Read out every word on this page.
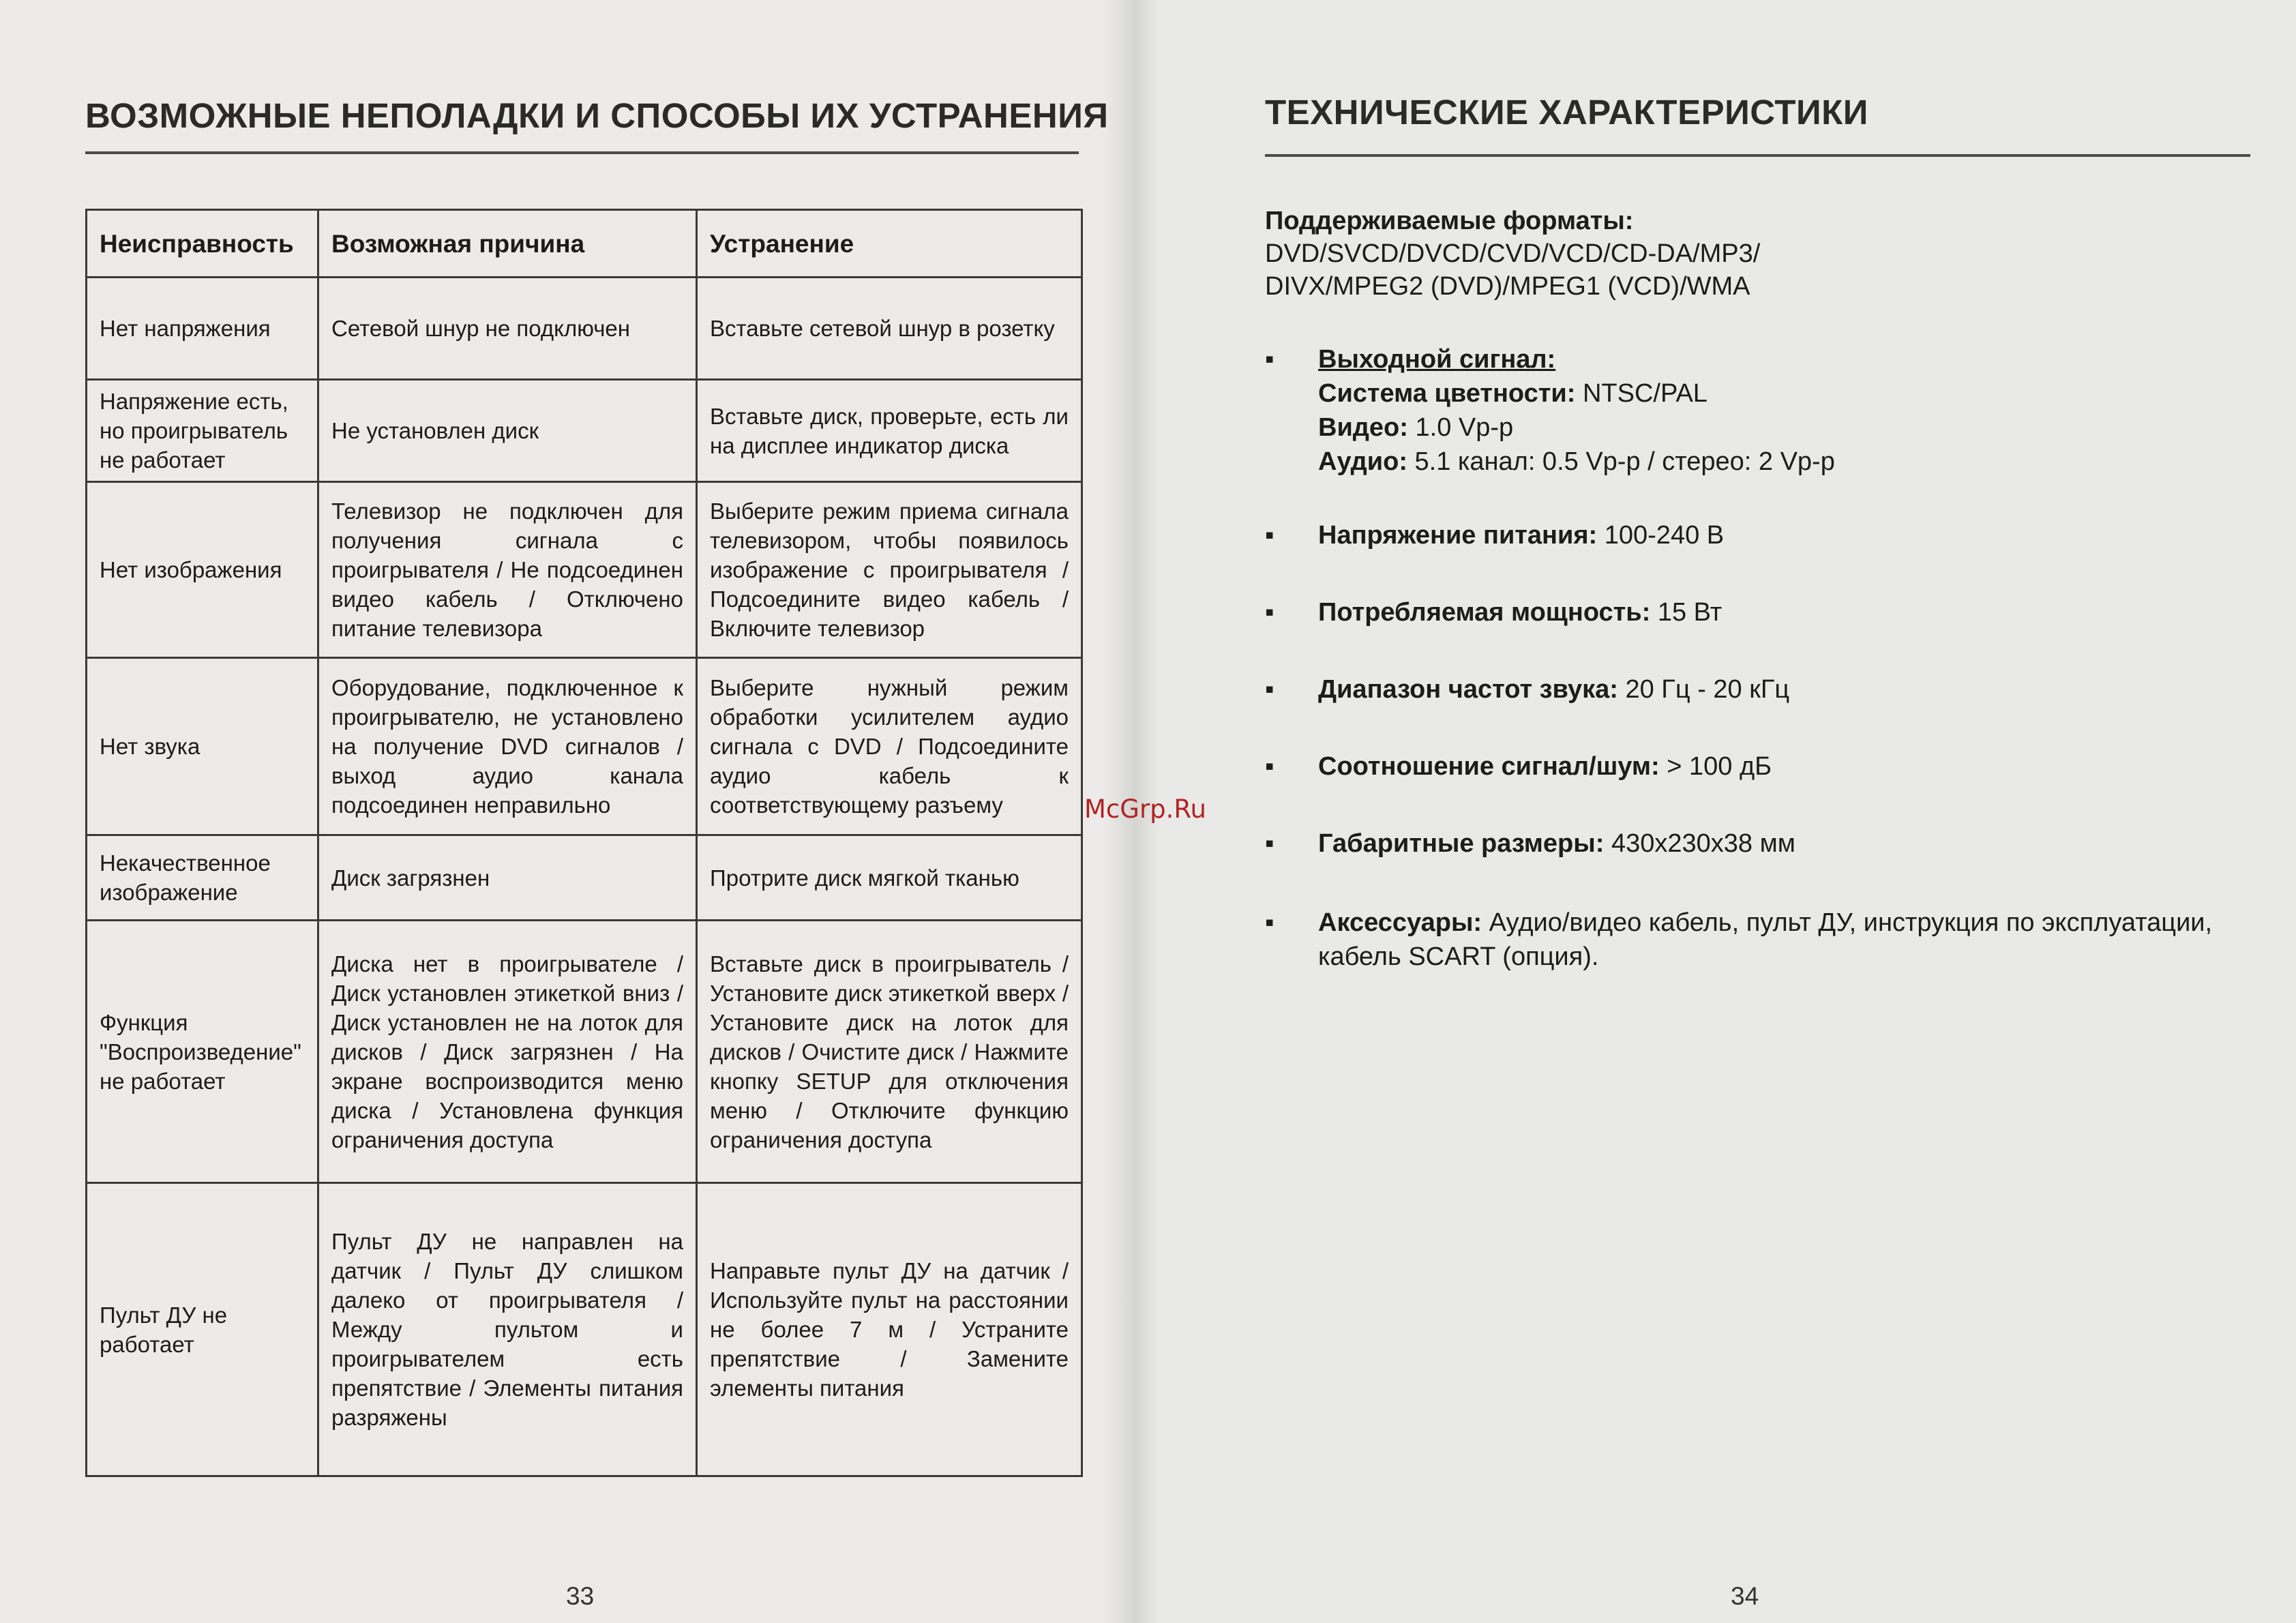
ВОЗМОЖНЫЕ НЕПОЛАДКИ И СПОСОБЫ ИХ УСТРАНЕНИЯ
Неисправность	Возможная причина	Устранение
Нет напряжения	Сетевой шнур не подключен	Вставьте сетевой шнур в розетку
Напряжение есть, но проигрыватель не работает	Не установлен диск	Вставьте диск, проверьте, есть ли на дисплее индикатор диска
Нет изображения	Телевизор не подключен для получения сигнала с проигрывателя / Не подсоединен видео кабель / Отключено питание телевизора	Выберите режим приема сигнала телевизором, чтобы появилось изображение с проигрывателя / Подсоедините видео кабель / Включите телевизор
Нет звука	Оборудование, подключенное к проигрывателю, не установлено на получение DVD сигналов / выход аудио канала подсоединен неправильно	Выберите нужный режим обработки усилителем аудио сигнала с DVD / Подсоедините аудио кабель к соответствующему разъему
Некачественное изображение	Диск загрязнен	Протрите диск мягкой тканью
Функция "Воспроизведение" не работает	Диска нет в проигрывателе / Диск установлен этикеткой вниз / Диск установлен не на лоток для дисков / Диск загрязнен / На экране воспроизводится меню диска / Установлена функция ограничения доступа	Вставьте диск в проигрыватель / Установите диск этикеткой вверх / Установите диск на лоток для дисков / Очистите диск / Нажмите кнопку SETUP для отключения меню / Отключите функцию ограничения доступа
Пульт ДУ не работает	Пульт ДУ не направлен на датчик / Пульт ДУ слишком далеко от проигрывателя / Между пультом и проигрывателем есть препятствие / Элементы питания разряжены	Направьте пульт ДУ на датчик / Используйте пульт на расстоянии не более 7 м / Устраните препятствие / Замените элементы питания
33
McGrp.Ru
ТЕХНИЧЕСКИЕ ХАРАКТЕРИСТИКИ
Поддерживаемые форматы:
DVD/SVCD/DVCD/CVD/VCD/CD-DA/MP3/
DIVX/MPEG2 (DVD)/MPEG1 (VCD)/WMA
▪ Выходной сигнал:
Система цветности: NTSC/PAL
Видео: 1.0 Vp-p
Аудио: 5.1 канал: 0.5 Vp-p / стерео: 2 Vp-p
▪ Напряжение питания: 100-240 В
▪ Потребляемая мощность: 15 Вт
▪ Диапазон частот звука: 20 Гц - 20 кГц
▪ Соотношение сигнал/шум: > 100 дБ
▪ Габаритные размеры: 430x230x38 мм
▪ Аксессуары: Аудио/видео кабель, пульт ДУ, инструкция по эксплуатации, кабель SCART (опция).
34
